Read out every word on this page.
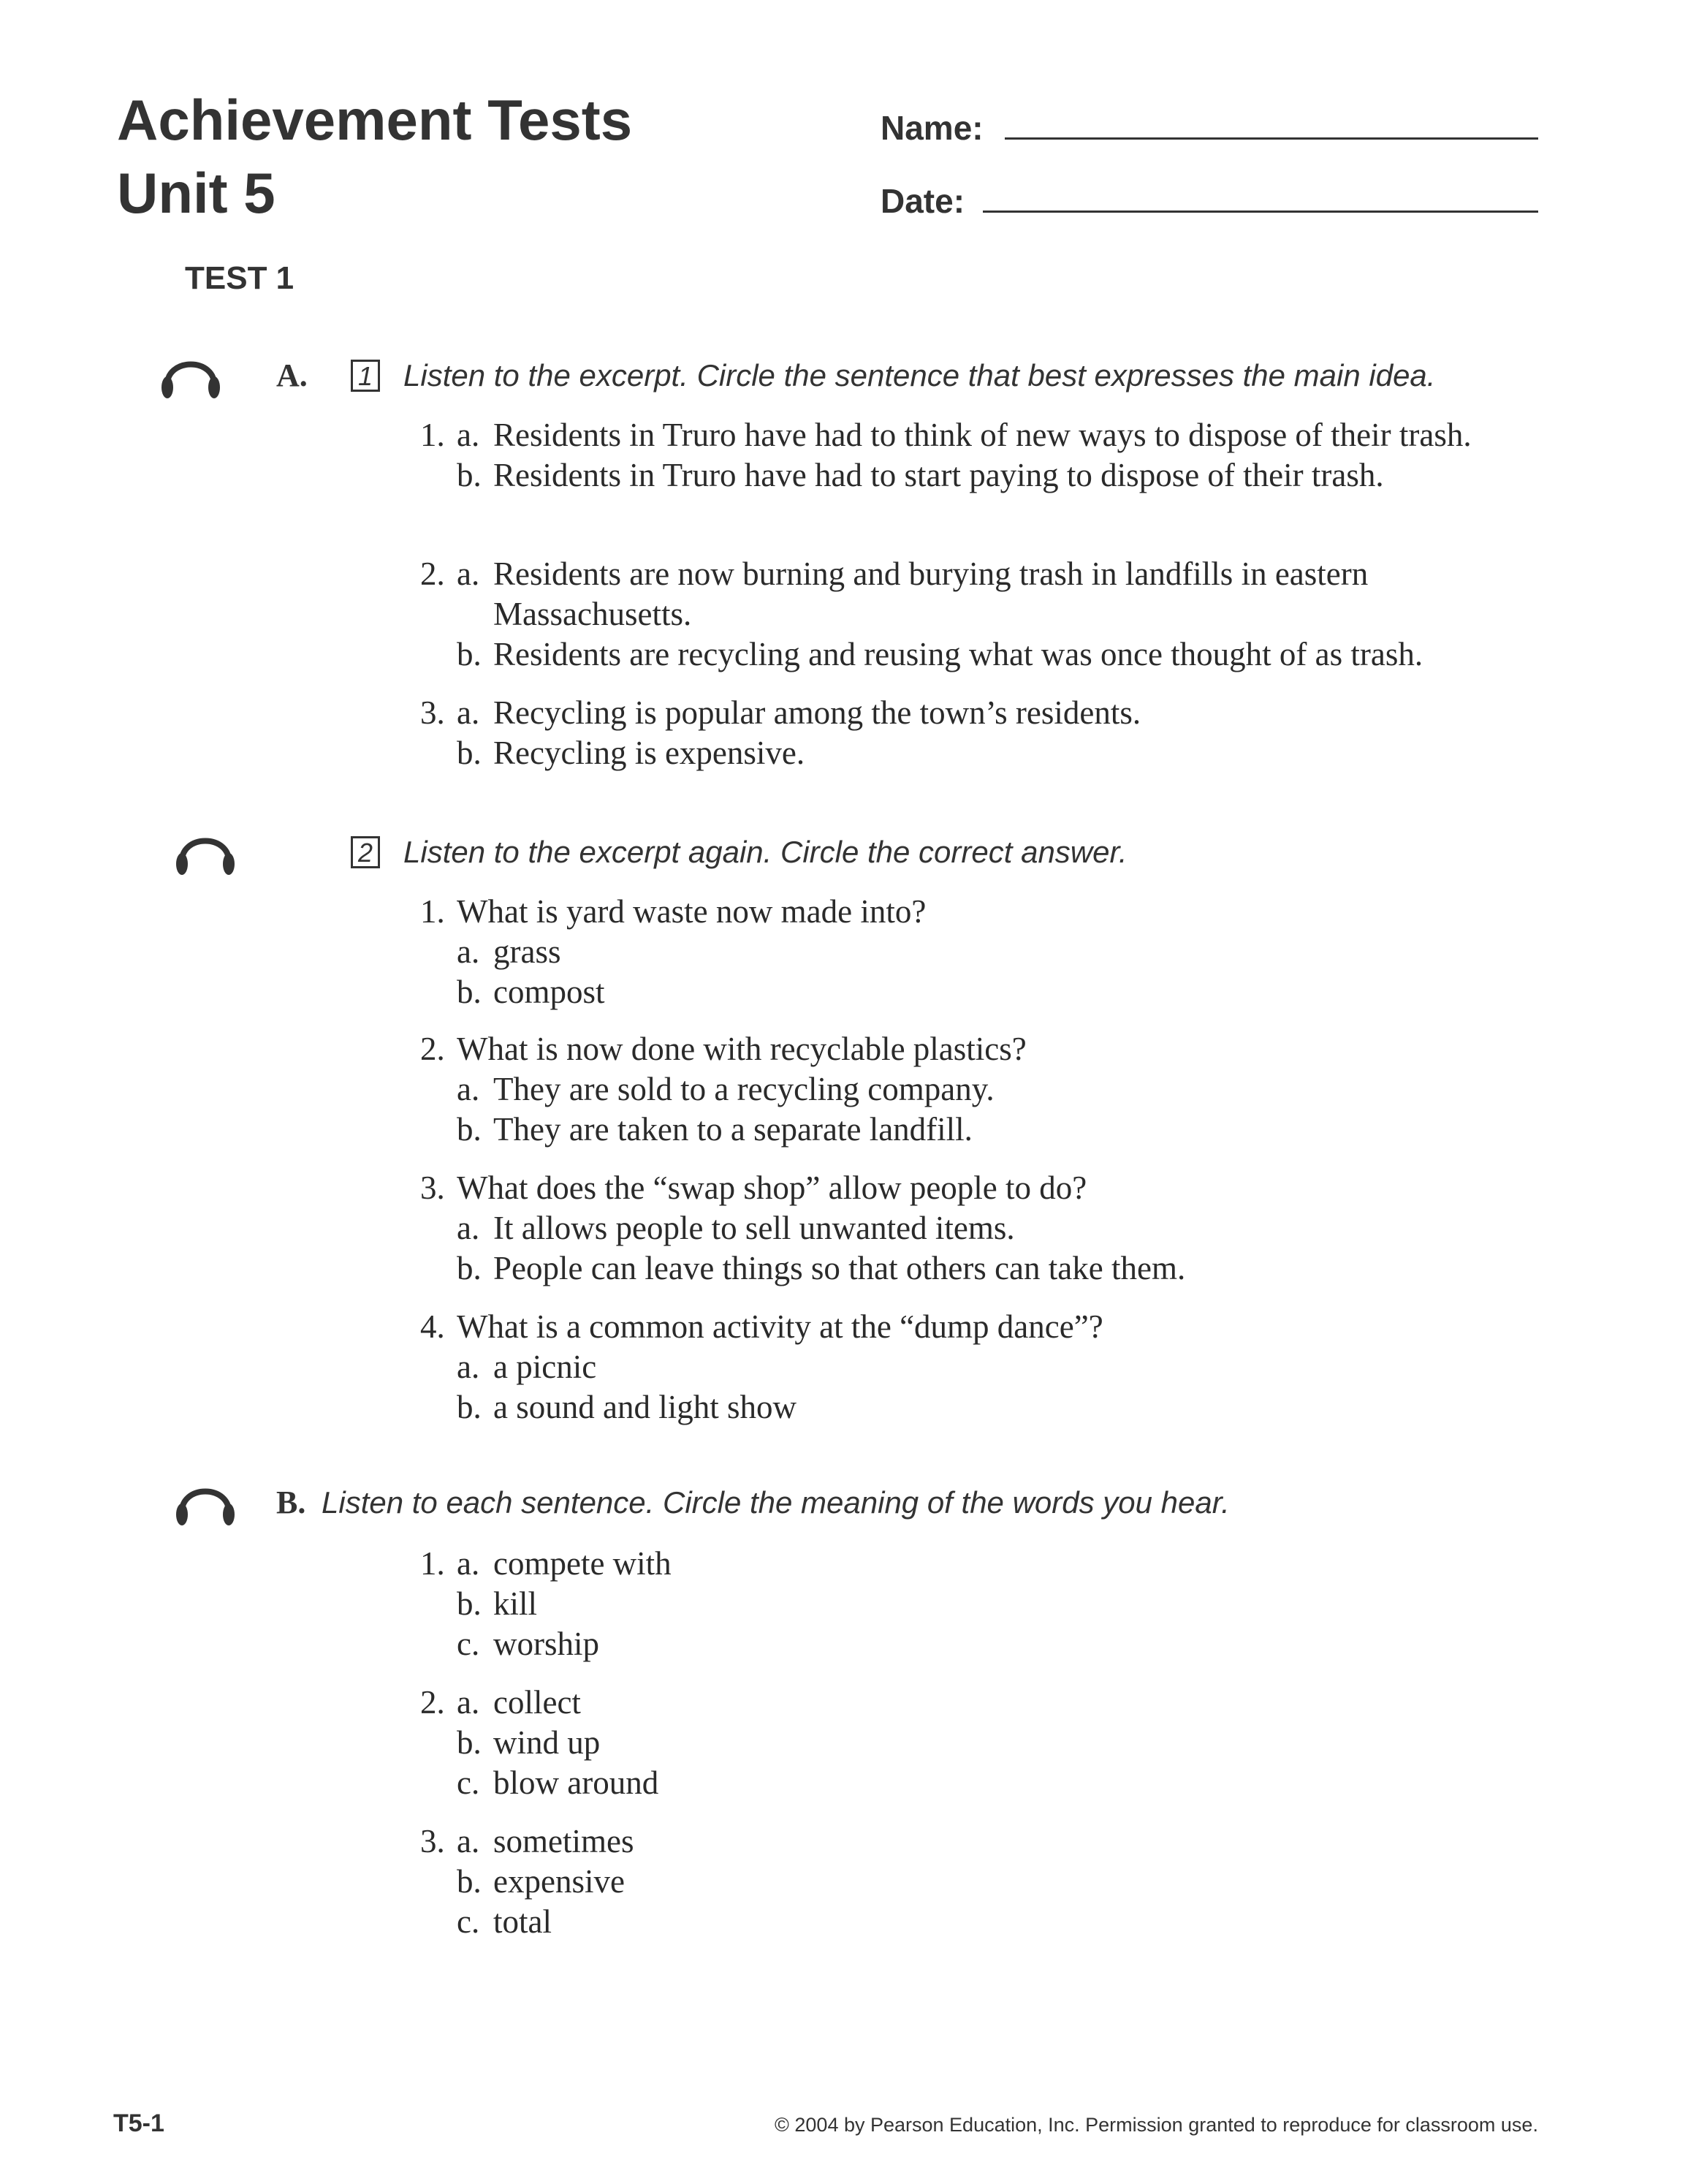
Achievement Tests
Unit 5
Name:
Date:
TEST 1
A. 1 Listen to the excerpt. Circle the sentence that best expresses the main idea.
1. a. Residents in Truro have had to think of new ways to dispose of their trash.
b. Residents in Truro have had to start paying to dispose of their trash.
2. a. Residents are now burning and burying trash in landfills in eastern Massachusetts.
b. Residents are recycling and reusing what was once thought of as trash.
3. a. Recycling is popular among the town’s residents.
b. Recycling is expensive.
2 Listen to the excerpt again. Circle the correct answer.
1. What is yard waste now made into?
a. grass
b. compost
2. What is now done with recyclable plastics?
a. They are sold to a recycling company.
b. They are taken to a separate landfill.
3. What does the “swap shop” allow people to do?
a. It allows people to sell unwanted items.
b. People can leave things so that others can take them.
4. What is a common activity at the “dump dance”?
a. a picnic
b. a sound and light show
B. Listen to each sentence. Circle the meaning of the words you hear.
1. a. compete with
b. kill
c. worship
2. a. collect
b. wind up
c. blow around
3. a. sometimes
b. expensive
c. total
T5-1	© 2004 by Pearson Education, Inc. Permission granted to reproduce for classroom use.
